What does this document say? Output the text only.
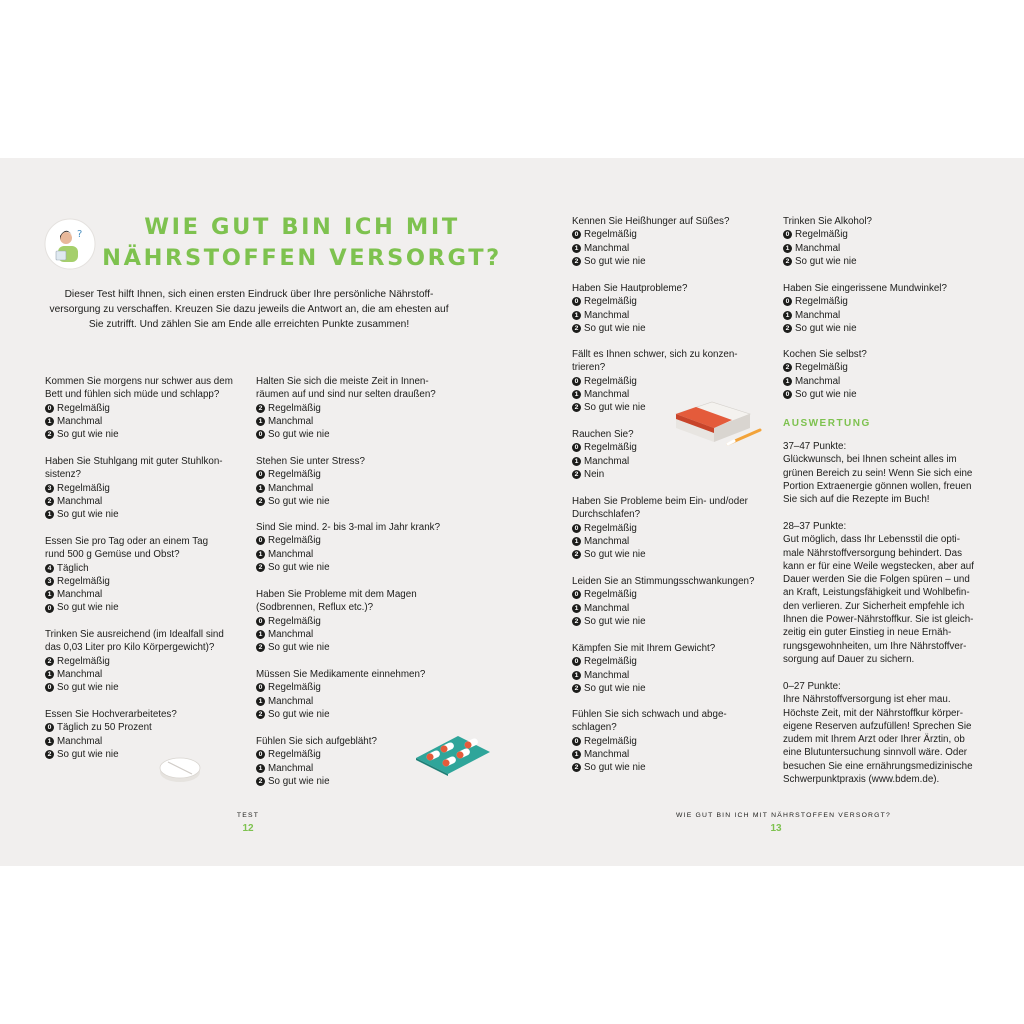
?	WIE GUT BIN ICH MIT
NÄHRSTOFFEN VERSORGT?
Dieser Test hilft Ihnen, sich einen ersten Eindruck über Ihre persönliche Nährstoff-
versorgung zu verschaffen. Kreuzen Sie dazu jeweils die Antwort an, die am ehesten auf
Sie zutrifft. Und zählen Sie am Ende alle erreichten Punkte zusammen!
Kommen Sie morgens nur schwer aus dem
Bett und fühlen sich müde und schlapp?
0 Regelmäßig
1 Manchmal
2 So gut wie nie
Haben Sie Stuhlgang mit guter Stuhlkon-
sistenz?
3 Regelmäßig
2 Manchmal
1 So gut wie nie
Essen Sie pro Tag oder an einem Tag
rund 500 g Gemüse und Obst?
4 Täglich
3 Regelmäßig
1 Manchmal
0 So gut wie nie
Trinken Sie ausreichend (im Idealfall sind
das 0,03 Liter pro Kilo Körpergewicht)?
2 Regelmäßig
1 Manchmal
0 So gut wie nie
Essen Sie Hochverarbeitetes?
0 Täglich zu 50 Prozent
1 Manchmal
2 So gut wie nie
Halten Sie sich die meiste Zeit in Innen-
räumen auf und sind nur selten draußen?
2 Regelmäßig
1 Manchmal
0 So gut wie nie
Stehen Sie unter Stress?
0 Regelmäßig
1 Manchmal
2 So gut wie nie
Sind Sie mind. 2- bis 3-mal im Jahr krank?
0 Regelmäßig
1 Manchmal
2 So gut wie nie
Haben Sie Probleme mit dem Magen
(Sodbrennen, Reflux etc.)?
0 Regelmäßig
1 Manchmal
2 So gut wie nie
Müssen Sie Medikamente einnehmen?
0 Regelmäßig
1 Manchmal
2 So gut wie nie
Fühlen Sie sich aufgebläht?
0 Regelmäßig
1 Manchmal
2 So gut wie nie
Kennen Sie Heißhunger auf Süßes?
0 Regelmäßig
1 Manchmal
2 So gut wie nie
Haben Sie Hautprobleme?
0 Regelmäßig
1 Manchmal
2 So gut wie nie
Fällt es Ihnen schwer, sich zu konzen-
trieren?
0 Regelmäßig
1 Manchmal
2 So gut wie nie
Rauchen Sie?
0 Regelmäßig
1 Manchmal
2 Nein
Haben Sie Probleme beim Ein- und/oder
Durchschlafen?
0 Regelmäßig
1 Manchmal
2 So gut wie nie
Leiden Sie an Stimmungsschwankungen?
0 Regelmäßig
1 Manchmal
2 So gut wie nie
Kämpfen Sie mit Ihrem Gewicht?
0 Regelmäßig
1 Manchmal
2 So gut wie nie
Fühlen Sie sich schwach und abge-
schlagen?
0 Regelmäßig
1 Manchmal
2 So gut wie nie
Trinken Sie Alkohol?
0 Regelmäßig
1 Manchmal
2 So gut wie nie
Haben Sie eingerissene Mundwinkel?
0 Regelmäßig
1 Manchmal
2 So gut wie nie
Kochen Sie selbst?
2 Regelmäßig
1 Manchmal
0 So gut wie nie
AUSWERTUNG
37–47 Punkte:
Glückwunsch, bei Ihnen scheint alles im
grünen Bereich zu sein! Wenn Sie sich eine
Portion Extraenergie gönnen wollen, freuen
Sie sich auf die Rezepte im Buch!
28–37 Punkte:
Gut möglich, dass Ihr Lebensstil die opti-
male Nährstoffversorgung behindert. Das
kann er für eine Weile wegstecken, aber auf
Dauer werden Sie die Folgen spüren – und
an Kraft, Leistungsfähigkeit und Wohlbefin-
den verlieren. Zur Sicherheit empfehle ich
Ihnen die Power-Nährstoffkur. Sie ist gleich-
zeitig ein guter Einstieg in neue Ernäh-
rungsgewohnheiten, um Ihre Nährstoffver-
sorgung auf Dauer zu sichern.
0–27 Punkte:
Ihre Nährstoffversorgung ist eher mau.
Höchste Zeit, mit der Nährstoffkur körper-
eigene Reserven aufzufüllen! Sprechen Sie
zudem mit Ihrem Arzt oder Ihrer Ärztin, ob
eine Blutuntersuchung sinnvoll wäre. Oder
besuchen Sie eine ernährungsmedizinische
Schwerpunktpraxis (www.bdem.de).
TEST
12
WIE GUT BIN ICH MIT NÄHRSTOFFEN VERSORGT?
13
